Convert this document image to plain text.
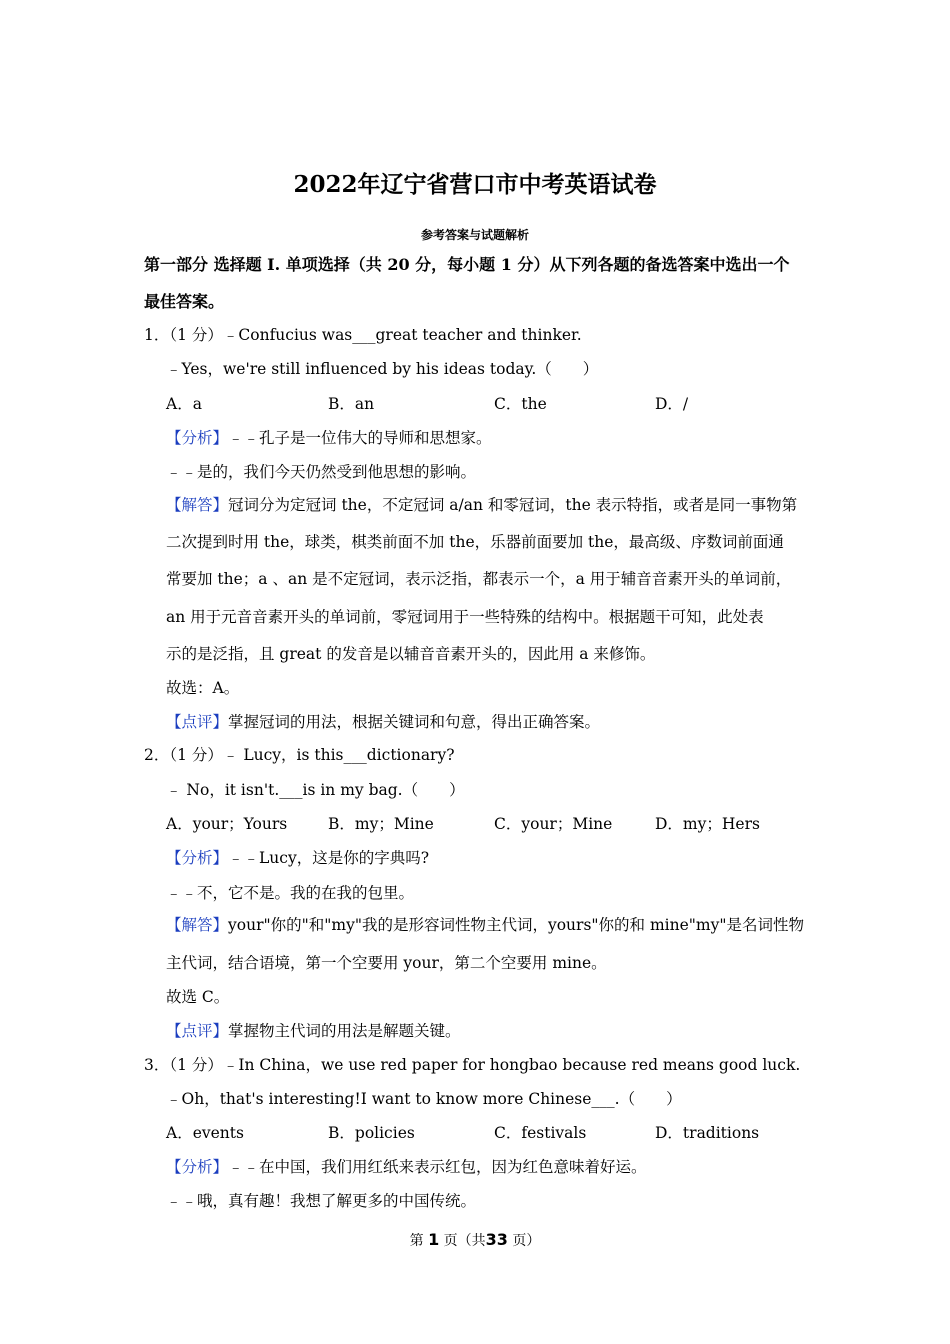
2022年辽宁省营口市中考英语试卷
参考答案与试题解析
第一部分 选择题 I. 单项选择（共 20 分，每小题 1 分）从下列各题的备选答案中选出一个
最佳答案。
1．（1 分）﹣Confucius was___great teacher and thinker.
﹣Yes，we're still influenced by his ideas today.（　　）
A．a	B．an	C．the	D．/
【分析】﹣﹣孔子是一位伟大的导师和思想家。
﹣﹣是的，我们今天仍然受到他思想的影响。
【解答】冠词分为定冠词 the，不定冠词 a/an 和零冠词，the 表示特指，或者是同一事物第
二次提到时用 the，球类，棋类前面不加 the，乐器前面要加 the，最高级、序数词前面通
常要加 the；a 、an 是不定冠词，表示泛指，都表示一个，a 用于辅音音素开头的单词前，
an 用于元音音素开头的单词前，零冠词用于一些特殊的结构中。根据题干可知，此处表
示的是泛指，且 great 的发音是以辅音音素开头的，因此用 a 来修饰。
故选：A。
【点评】掌握冠词的用法，根据关键词和句意，得出正确答案。
2．（1 分）﹣ Lucy，is this___dictionary?
﹣ No，it isn't.___is in my bag.（　　）
A．your；Yours	B．my；Mine	C．your；Mine	D．my；Hers
【分析】﹣﹣Lucy，这是你的字典吗?
﹣﹣不，它不是。我的在我的包里。
【解答】your"你的"和"my"我的是形容词性物主代词，yours"你的和 mine"my"是名词性物
主代词，结合语境，第一个空要用 your，第二个空要用 mine。
故选 C。
【点评】掌握物主代词的用法是解题关键。
3．（1 分）﹣In China，we use red paper for hongbao because red means good luck.
﹣Oh，that's interesting!I want to know more Chinese___.（　　）
A．events	B．policies	C．festivals	D．traditions
【分析】﹣﹣在中国，我们用红纸来表示红包，因为红色意味着好运。
﹣﹣哦，真有趣！我想了解更多的中国传统。
第 1 页（共33 页）
